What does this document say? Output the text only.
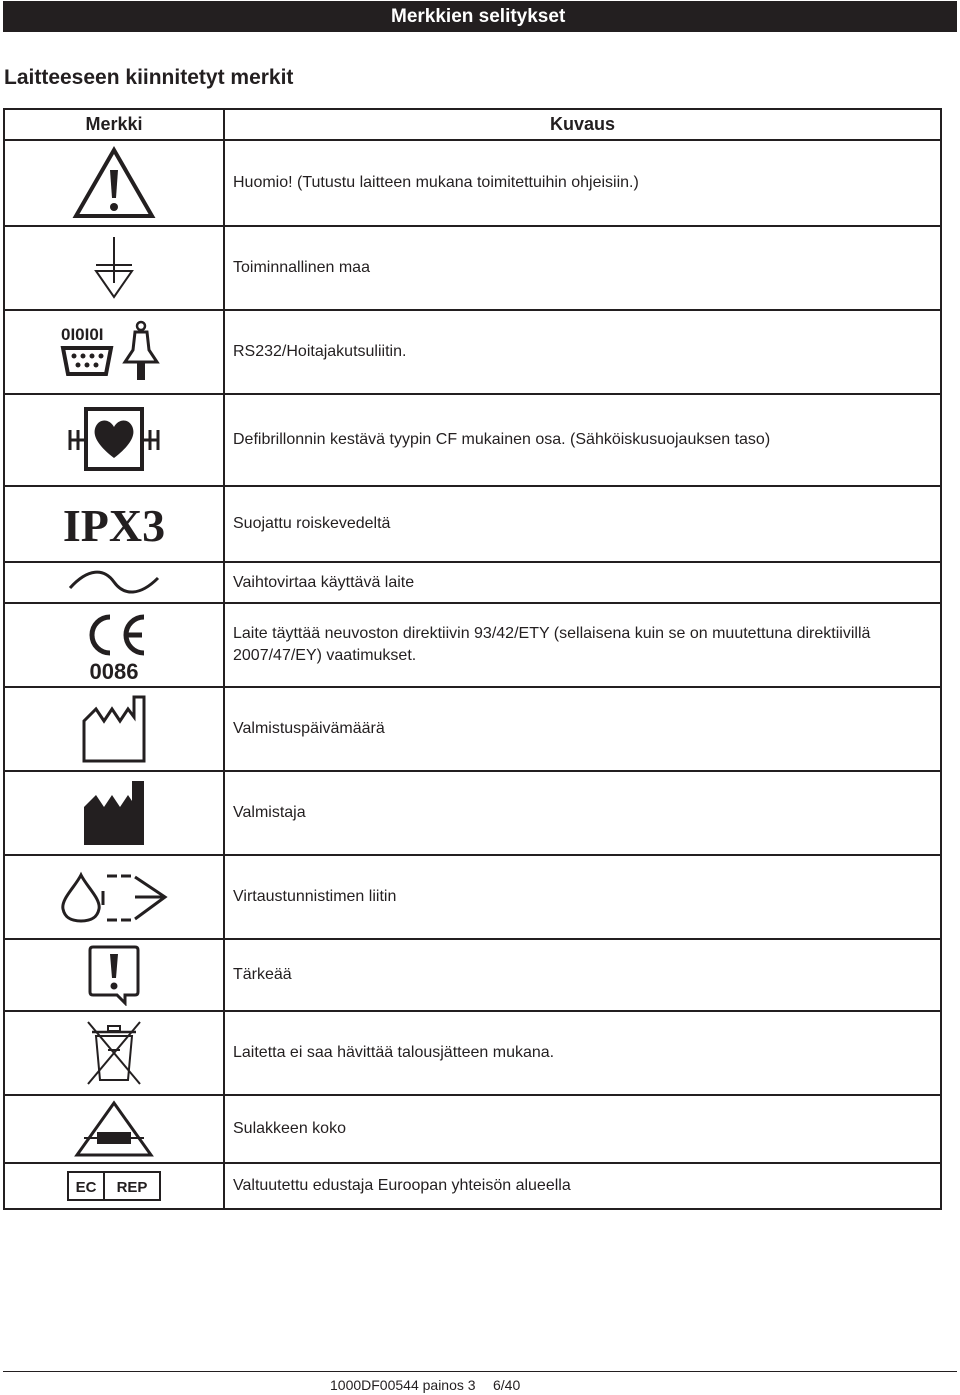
Merkkien selitykset
Laitteeseen kiinnitetyt merkit
Merkki	Kuvaus

	Huomio! (Tutustu laitteen mukana toimitettuihin ohjeisiin.)

	Toiminnallinen maa

0I0I0I	RS232/Hoitajakutsuliitin.

	Defibrillonnin kestävä tyypin CF mukainen osa. (Sähköiskusuojauksen taso)

IPX3	Suojattu roiskevedeltä

	Vaihtovirtaa käyttävä laite

0086	Laite täyttää neuvoston direktiivin 93/42/ETY (sellaisena kuin se on muutettuna direktiivillä 2007/47/EY) vaatimukset.

	Valmistuspäivämäärä

	Valmistaja

	Virtaustunnistimen liitin

	Tärkeää

	Laitetta ei saa hävittää talousjätteen mukana.

	Sulakkeen koko

EC REP	Valtuutettu edustaja Euroopan yhteisön alueella
1000DF00544 painos 3 6/40
